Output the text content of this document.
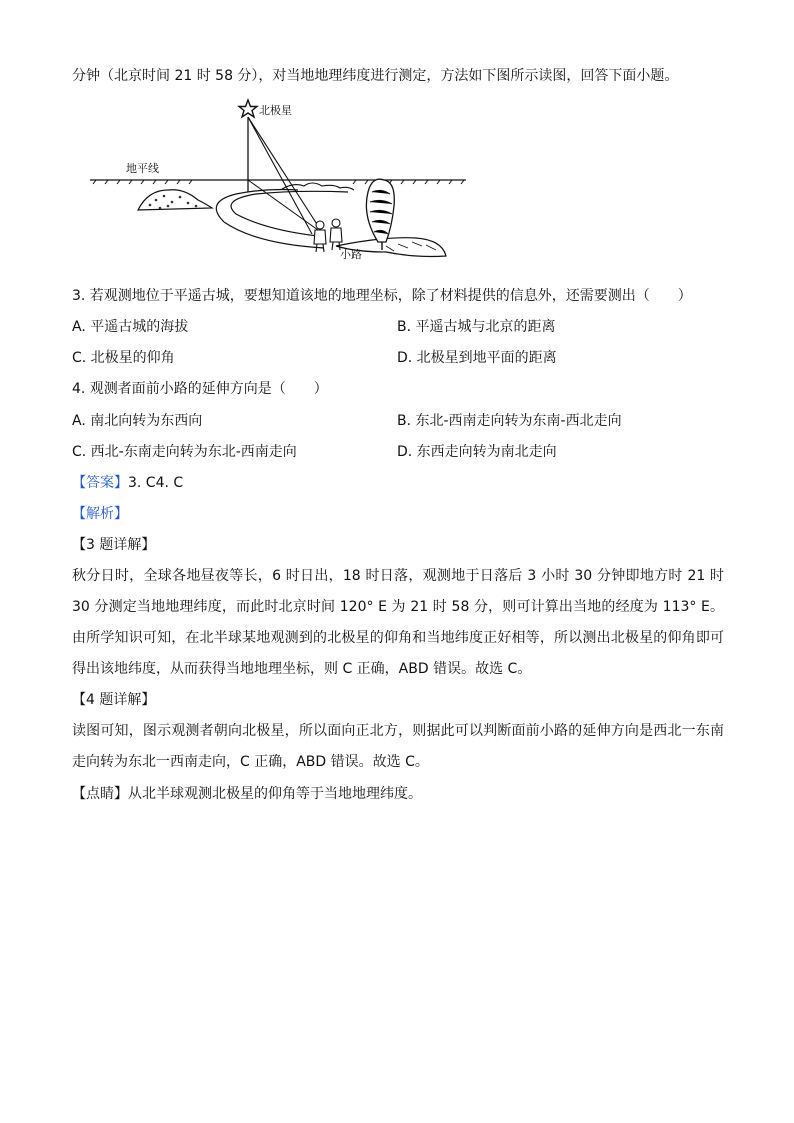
分钟（北京时间 21 时 58 分），对当地地理纬度进行测定，方法如下图所示读图，回答下面小题。
北极星
地平线
小路
3. 若观测地位于平遥古城，要想知道该地的地理坐标，除了材料提供的信息外，还需要测出（　　）
A. 平遥古城的海拔	B. 平遥古城与北京的距离
C. 北极星的仰角	D. 北极星到地平面的距离
4. 观测者面前小路的延伸方向是（　　）
A. 南北向转为东西向	B. 东北-西南走向转为东南-西北走向
C. 西北-东南走向转为东北-西南走向	D. 东西走向转为南北走向
【答案】3. C4. C
【解析】
【3 题详解】
秋分日时，全球各地昼夜等长，6 时日出，18 时日落，观测地于日落后 3 小时 30 分钟即地方时 21 时 30 分测定当地地理纬度，而此时北京时间 120° E 为 21 时 58 分，则可计算出当地的经度为 113° E。由所学知识可知，在北半球某地观测到的北极星的仰角和当地纬度正好相等，所以测出北极星的仰角即可得出该地纬度，从而获得当地地理坐标，则 C 正确，ABD 错误。故选 C。
【4 题详解】
读图可知，图示观测者朝向北极星，所以面向正北方，则据此可以判断面前小路的延伸方向是西北一东南走向转为东北一西南走向，C 正确，ABD 错误。故选 C。
【点睛】从北半球观测北极星的仰角等于当地地理纬度。
